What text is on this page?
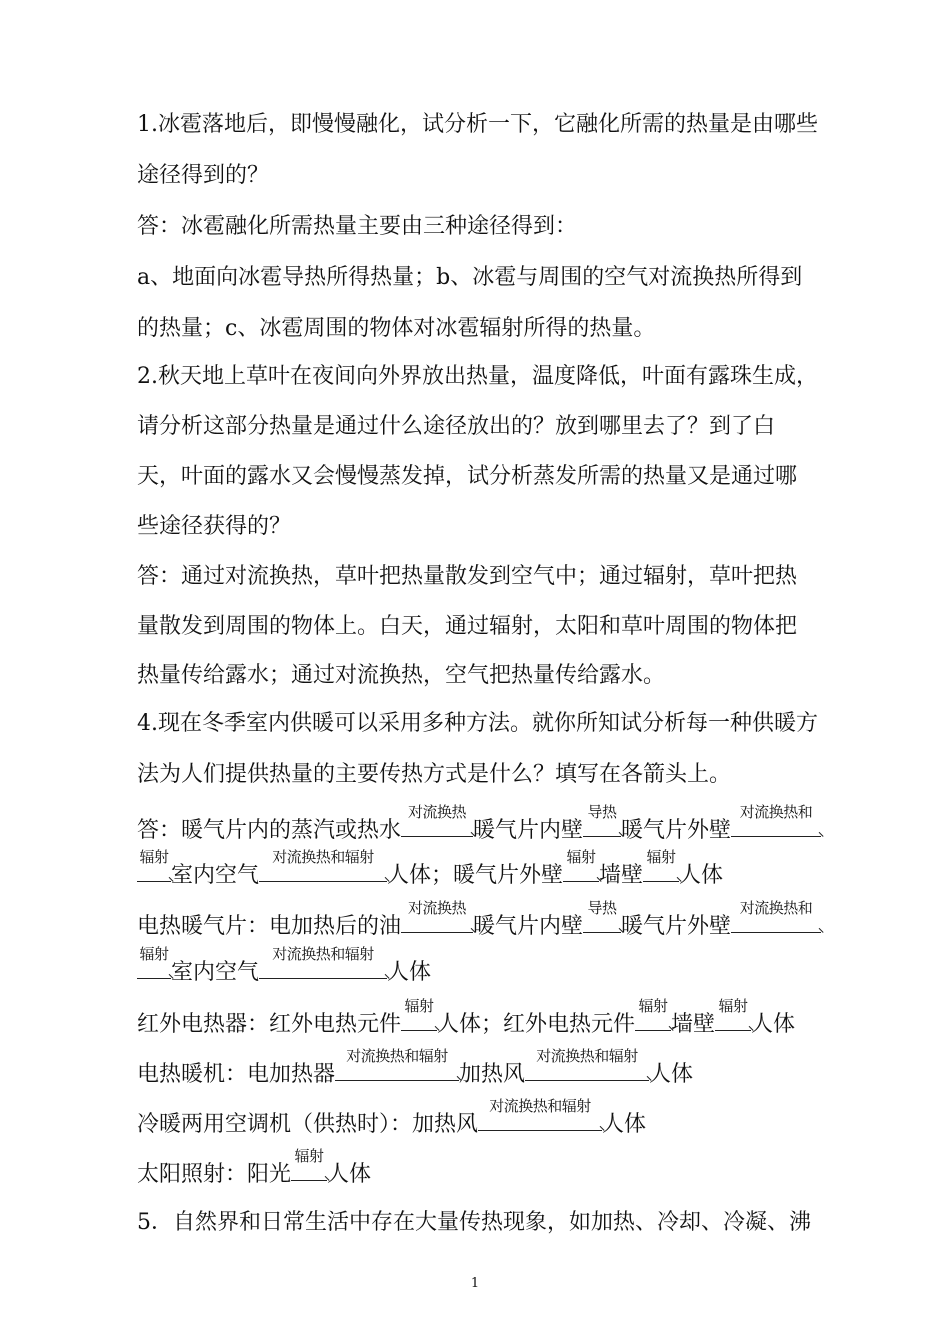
1.冰雹落地后，即慢慢融化，试分析一下，它融化所需的热量是由哪些
途径得到的？
答：冰雹融化所需热量主要由三种途径得到：
a、地面向冰雹导热所得热量；b、冰雹与周围的空气对流换热所得到
的热量；c、冰雹周围的物体对冰雹辐射所得的热量。
2.秋天地上草叶在夜间向外界放出热量，温度降低，叶面有露珠生成，
请分析这部分热量是通过什么途径放出的？放到哪里去了？到了白
天，叶面的露水又会慢慢蒸发掉，试分析蒸发所需的热量又是通过哪
些途径获得的？
答：通过对流换热，草叶把热量散发到空气中；通过辐射，草叶把热
量散发到周围的物体上。白天，通过辐射，太阳和草叶周围的物体把
热量传给露水；通过对流换热，空气把热量传给露水。
4.现在冬季室内供暖可以采用多种方法。就你所知试分析每一种供暖方
法为人们提供热量的主要传热方式是什么？填写在各箭头上。
答：暖气片内的蒸汽或热水
对流换热
暖气片内壁
导热
暖气片外壁
对流换热和
辐射
室内空气
对流换热和辐射
人体；暖气片外壁
辐射
墙壁
辐射
人体
电热暖气片：电加热后的油
对流换热
暖气片内壁
导热
暖气片外壁
对流换热和
辐射
室内空气
对流换热和辐射
人体
红外电热器：红外电热元件
辐射
人体；红外电热元件
辐射
墙壁
辐射
人体
电热暖机：电加热器
对流换热和辐射
加热风
对流换热和辐射
人体
冷暖两用空调机（供热时）：加热风
对流换热和辐射
人体
太阳照射：阳光
辐射
人体
5．自然界和日常生活中存在大量传热现象，如加热、冷却、冷凝、沸
1
